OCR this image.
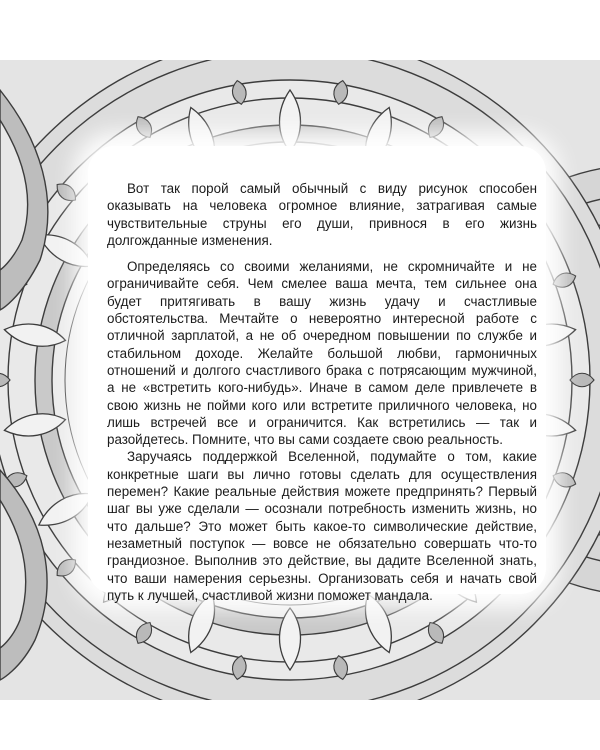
Вот так порой самый обычный с виду рисунок способен оказывать на человека огромное влияние, затрагивая самые чувствительные струны его души, привнося в его жизнь долгожданные изменения.

Определяясь со своими желаниями, не скромничайте и не ограничивайте себя. Чем смелее ваша мечта, тем сильнее она будет притягивать в вашу жизнь удачу и счастливые обстоятельства. Мечтайте о невероятно интересной работе с отличной зарплатой, а не об очередном повышении по службе и стабильном доходе. Желайте большой любви, гармоничных отношений и долгого счастливого брака с потрясающим мужчиной, а не «встретить кого-нибудь». Иначе в самом деле привлечете в свою жизнь не пойми кого или встретите приличного человека, но лишь встречей все и ограничится. Как встретились — так и разойдетесь. Помните, что вы сами создаете свою реальность.

Заручаясь поддержкой Вселенной, подумайте о том, какие конкретные шаги вы лично готовы сделать для осуществления перемен? Какие реальные действия можете предпринять? Первый шаг вы уже сделали — осознали потребность изменить жизнь, но что дальше? Это может быть какое-то символические действие, незаметный поступок — вовсе не обязательно совершать что-то грандиозное. Выполнив это действие, вы дадите Вселенной знать, что ваши намерения серьезны. Организовать себя и начать свой путь к лучшей, счастливой жизни поможет мандала.
